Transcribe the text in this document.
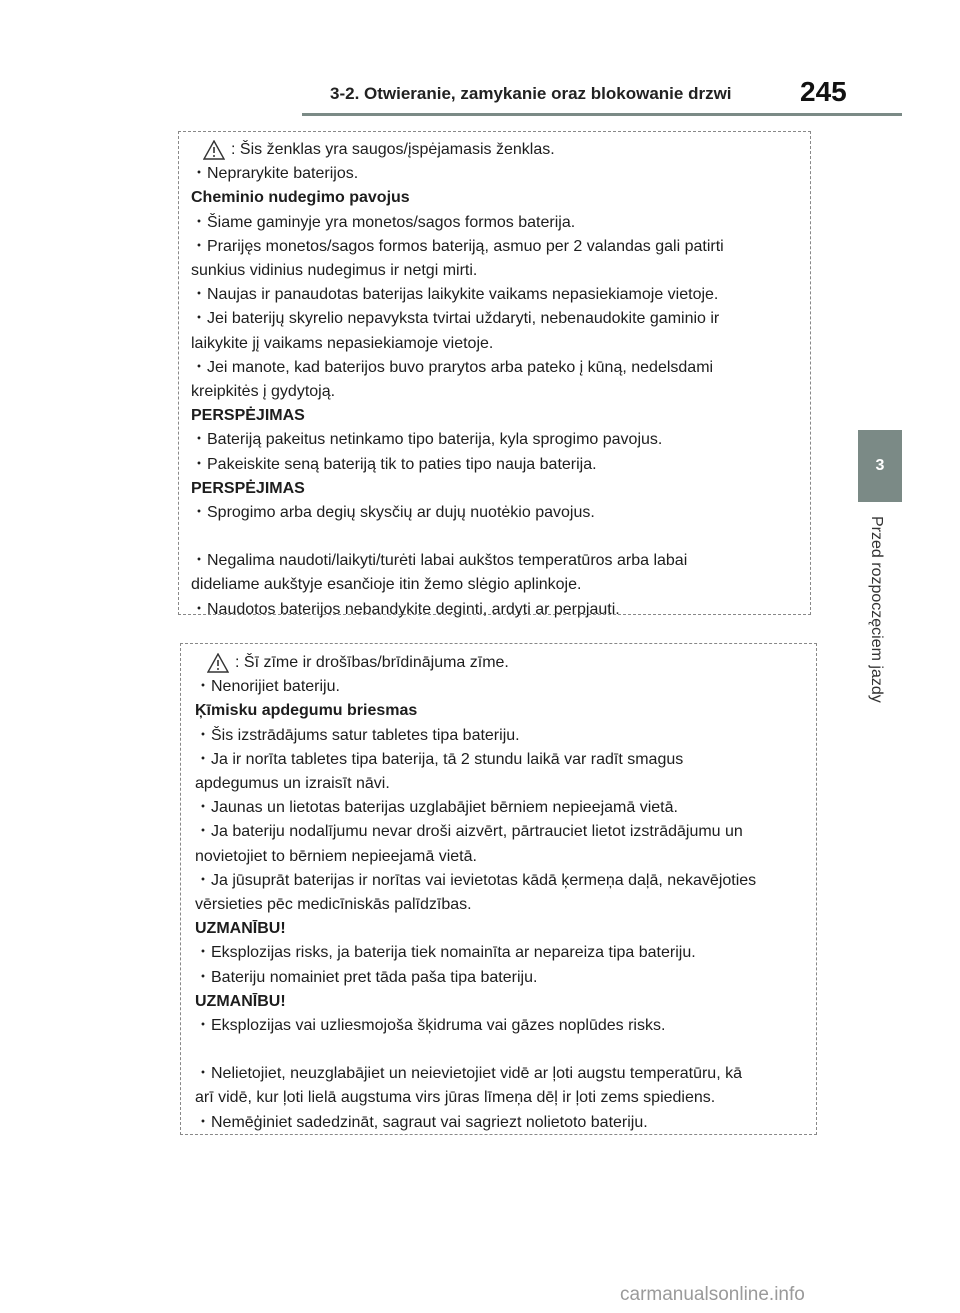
3-2. Otwieranie, zamykanie oraz blokowanie drzwi 245
3
Przed rozpoczęciem jazdy
: Šis ženklas yra saugos/įspėjamasis ženklas.
・Neprarykite baterijos.
Cheminio nudegimo pavojus
・Šiame gaminyje yra monetos/sagos formos baterija.
・Prarijęs monetos/sagos formos bateriją, asmuo per 2 valandas gali patirti
sunkius vidinius nudegimus ir netgi mirti.
・Naujas ir panaudotas baterijas laikykite vaikams nepasiekiamoje vietoje.
・Jei baterijų skyrelio nepavyksta tvirtai uždaryti, nebenaudokite gaminio ir
laikykite jį vaikams nepasiekiamoje vietoje.
・Jei manote, kad baterijos buvo prarytos arba pateko į kūną, nedelsdami
kreipkitės į gydytoją.
PERSPĖJIMAS
・Bateriją pakeitus netinkamo tipo baterija, kyla sprogimo pavojus.
・Pakeiskite seną bateriją tik to paties tipo nauja baterija.
PERSPĖJIMAS
・Sprogimo arba degių skysčių ar dujų nuotėkio pavojus.
・Negalima naudoti/laikyti/turėti labai aukštos temperatūros arba labai
dideliame aukštyje esančioje itin žemo slėgio aplinkoje.
・Naudotos baterijos nebandykite deginti, ardyti ar perpjauti.
: Šī zīme ir drošības/brīdinājuma zīme.
・Nenorijiet bateriju.
Ķīmisku apdegumu briesmas
・Šis izstrādājums satur tabletes tipa bateriju.
・Ja ir norīta tabletes tipa baterija, tā 2 stundu laikā var radīt smagus
apdegumus un izraisīt nāvi.
・Jaunas un lietotas baterijas uzglabājiet bērniem nepieejamā vietā.
・Ja bateriju nodalījumu nevar droši aizvērt, pārtrauciet lietot izstrādājumu un
novietojiet to bērniem nepieejamā vietā.
・Ja jūsuprāt baterijas ir norītas vai ievietotas kādā ķermeņa daļā, nekavējoties
vērsieties pēc medicīniskās palīdzības.
UZMANĪBU!
・Eksplozijas risks, ja baterija tiek nomainīta ar nepareiza tipa bateriju.
・Bateriju nomainiet pret tāda paša tipa bateriju.
UZMANĪBU!
・Eksplozijas vai uzliesmojoša šķidruma vai gāzes noplūdes risks.
・Nelietojiet, neuzglabājiet un neievietojiet vidē ar ļoti augstu temperatūru, kā
arī vidē, kur ļoti lielā augstuma virs jūras līmeņa dēļ ir ļoti zems spiediens.
・Nemēģiniet sadedzināt, sagraut vai sagriezt nolietoto bateriju.
carmanualsonline.info
